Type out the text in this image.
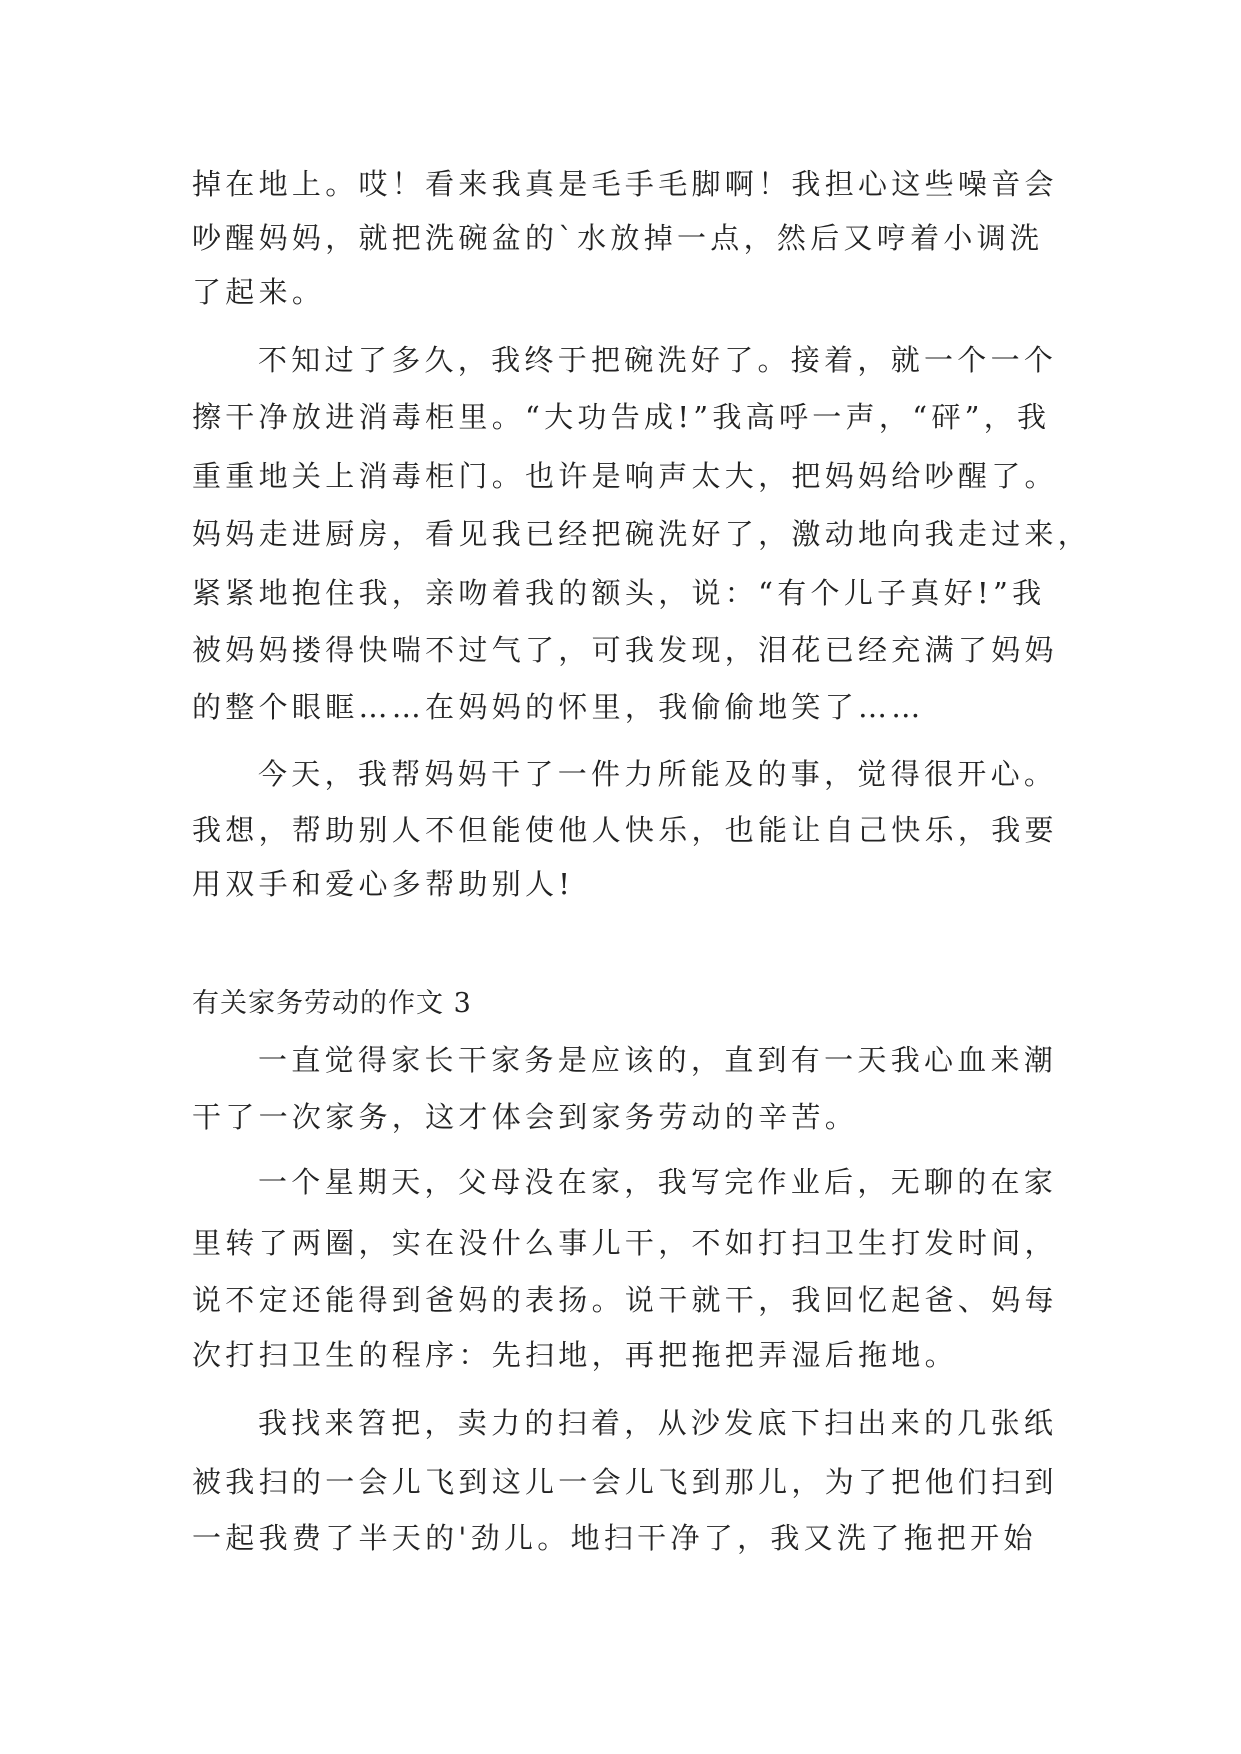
掉在地上。哎！看来我真是毛手毛脚啊！我担心这些噪音会
吵醒妈妈，就把洗碗盆的`水放掉一点，然后又哼着小调洗
了起来。
不知过了多久，我终于把碗洗好了。接着，就一个一个
擦干净放进消毒柜里。“大功告成!”我高呼一声，“砰”，我
重重地关上消毒柜门。也许是响声太大，把妈妈给吵醒了。
妈妈走进厨房，看见我已经把碗洗好了，激动地向我走过来，
紧紧地抱住我，亲吻着我的额头，说：“有个儿子真好!”我
被妈妈搂得快喘不过气了，可我发现，泪花已经充满了妈妈
的整个眼眶……在妈妈的怀里，我偷偷地笑了……
今天，我帮妈妈干了一件力所能及的事，觉得很开心。
我想，帮助别人不但能使他人快乐，也能让自己快乐，我要
用双手和爱心多帮助别人!
有关家务劳动的作文 3
一直觉得家长干家务是应该的，直到有一天我心血来潮
干了一次家务，这才体会到家务劳动的辛苦。
一个星期天，父母没在家，我写完作业后，无聊的在家
里转了两圈，实在没什么事儿干，不如打扫卫生打发时间，
说不定还能得到爸妈的表扬。说干就干，我回忆起爸、妈每
次打扫卫生的程序：先扫地，再把拖把弄湿后拖地。
我找来笤把，卖力的扫着，从沙发底下扫出来的几张纸
被我扫的一会儿飞到这儿一会儿飞到那儿，为了把他们扫到
一起我费了半天的'劲儿。地扫干净了，我又洗了拖把开始
